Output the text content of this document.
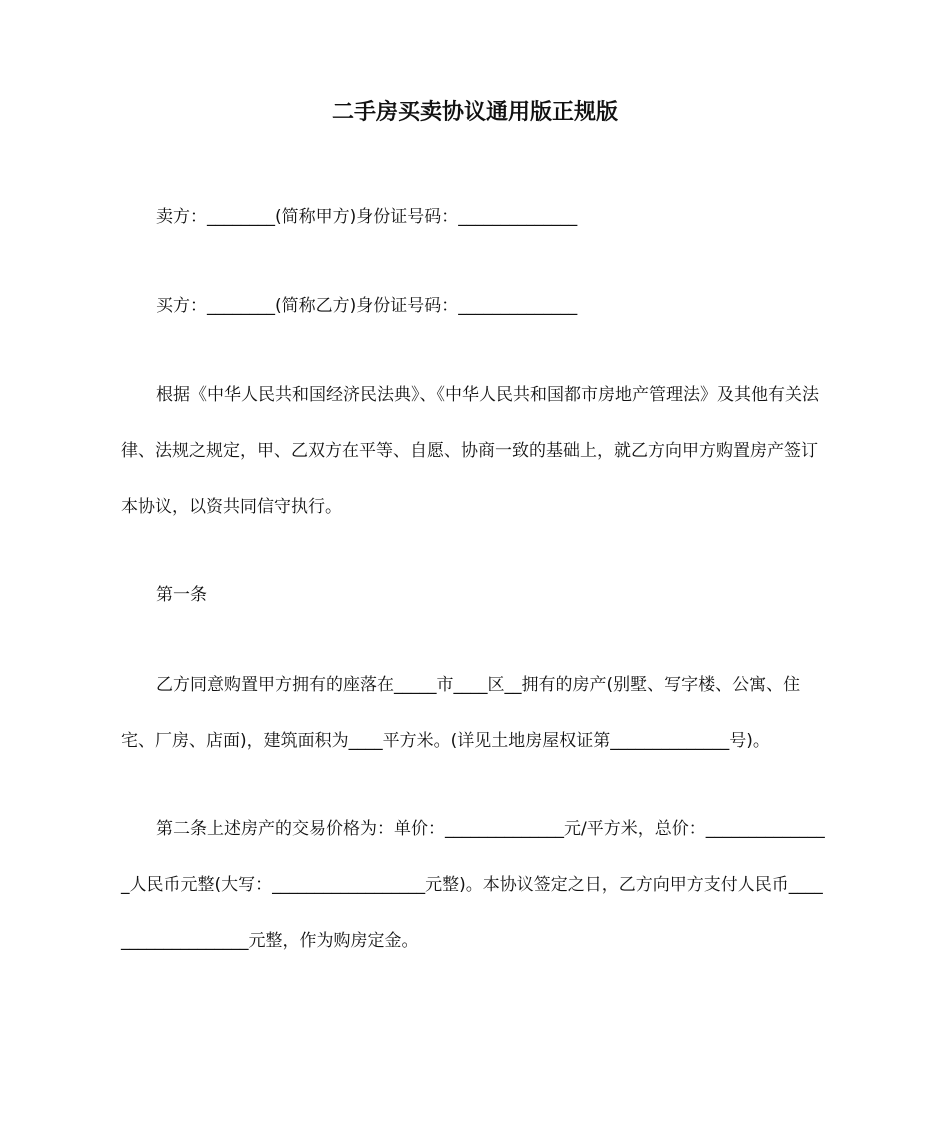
二手房买卖协议通用版正规版

卖方：________(简称甲方)身份证号码：______________

买方：________(简称乙方)身份证号码：______________

根据《中华人民共和国经济民法典》、《中华人民共和国都市房地产管理法》及其他有关法律、法规之规定，甲、乙双方在平等、自愿、协商一致的基础上，就乙方向甲方购置房产签订本协议，以资共同信守执行。

第一条

乙方同意购置甲方拥有的座落在_____市____区__拥有的房产(别墅、写字楼、公寓、住宅、厂房、店面)，建筑面积为____平方米。(详见土地房屋权证第______________号)。

第二条上述房产的交易价格为：单价：______________元/平方米，总价：_______________人民币元整(大写：__________________元整)。本协议签定之日，乙方向甲方支付人民币___________________元整，作为购房定金。
